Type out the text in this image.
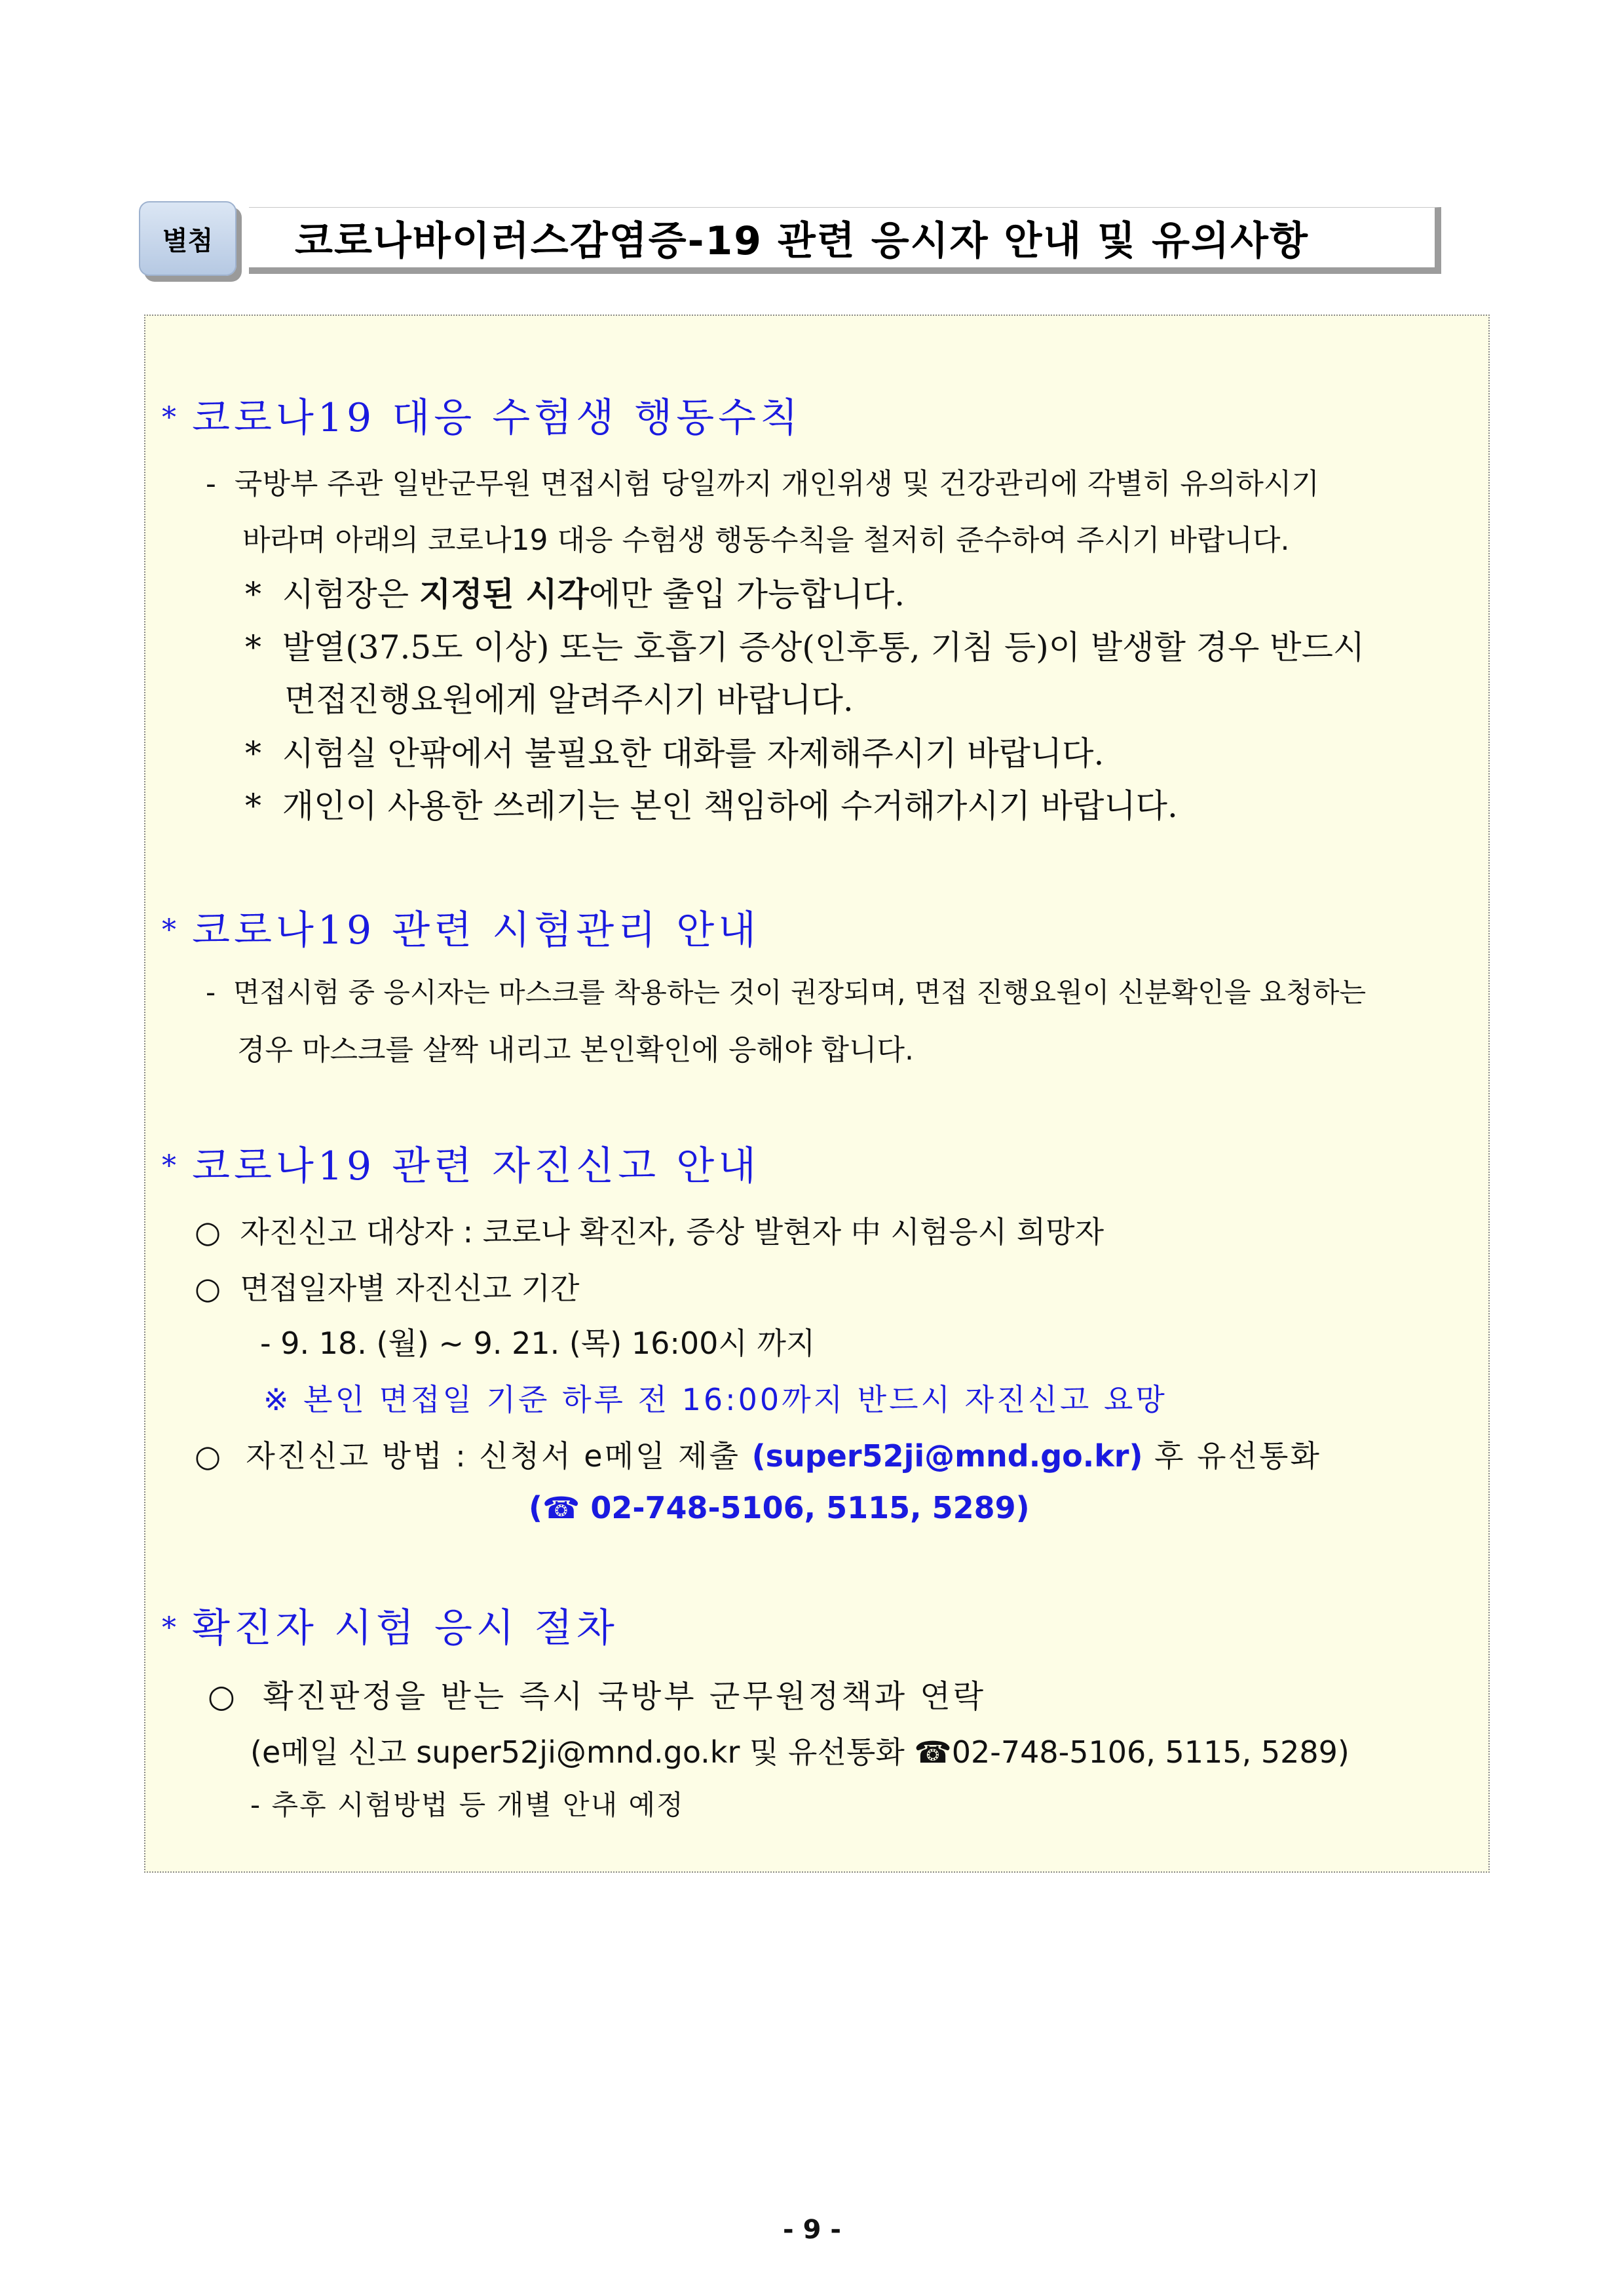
별첨 코로나바이러스감염증-19 관련 응시자 안내 및 유의사항
* 코로나19 대응 수험생 행동수칙
- 국방부 주관 일반군무원 면접시험 당일까지 개인위생 및 건강관리에 각별히 유의하시기
바라며 아래의 코로나19 대응 수험생 행동수칙을 철저히 준수하여 주시기 바랍니다.
* 시험장은 지정된 시각에만 출입 가능합니다.
* 발열(37.5도 이상) 또는 호흡기 증상(인후통, 기침 등)이 발생할 경우 반드시
면접진행요원에게 알려주시기 바랍니다.
* 시험실 안팎에서 불필요한 대화를 자제해주시기 바랍니다.
* 개인이 사용한 쓰레기는 본인 책임하에 수거해가시기 바랍니다.
* 코로나19 관련 시험관리 안내
- 면접시험 중 응시자는 마스크를 착용하는 것이 권장되며, 면접 진행요원이 신분확인을 요청하는
경우 마스크를 살짝 내리고 본인확인에 응해야 합니다.
* 코로나19 관련 자진신고 안내
○ 자진신고 대상자 : 코로나 확진자, 증상 발현자 中 시험응시 희망자
○ 면접일자별 자진신고 기간
- 9. 18. (월) ~ 9. 21. (목) 16:00시 까지
※ 본인 면접일 기준 하루 전 16:00까지 반드시 자진신고 요망
○ 자진신고 방법 : 신청서 e메일 제출 (super52ji@mnd.go.kr) 후 유선통화
(☎ 02-748-5106, 5115, 5289)
* 확진자 시험 응시 절차
○ 확진판정을 받는 즉시 국방부 군무원정책과 연락
(e메일 신고 super52ji@mnd.go.kr 및 유선통화 ☎02-748-5106, 5115, 5289)
- 추후 시험방법 등 개별 안내 예정
- 9 -
